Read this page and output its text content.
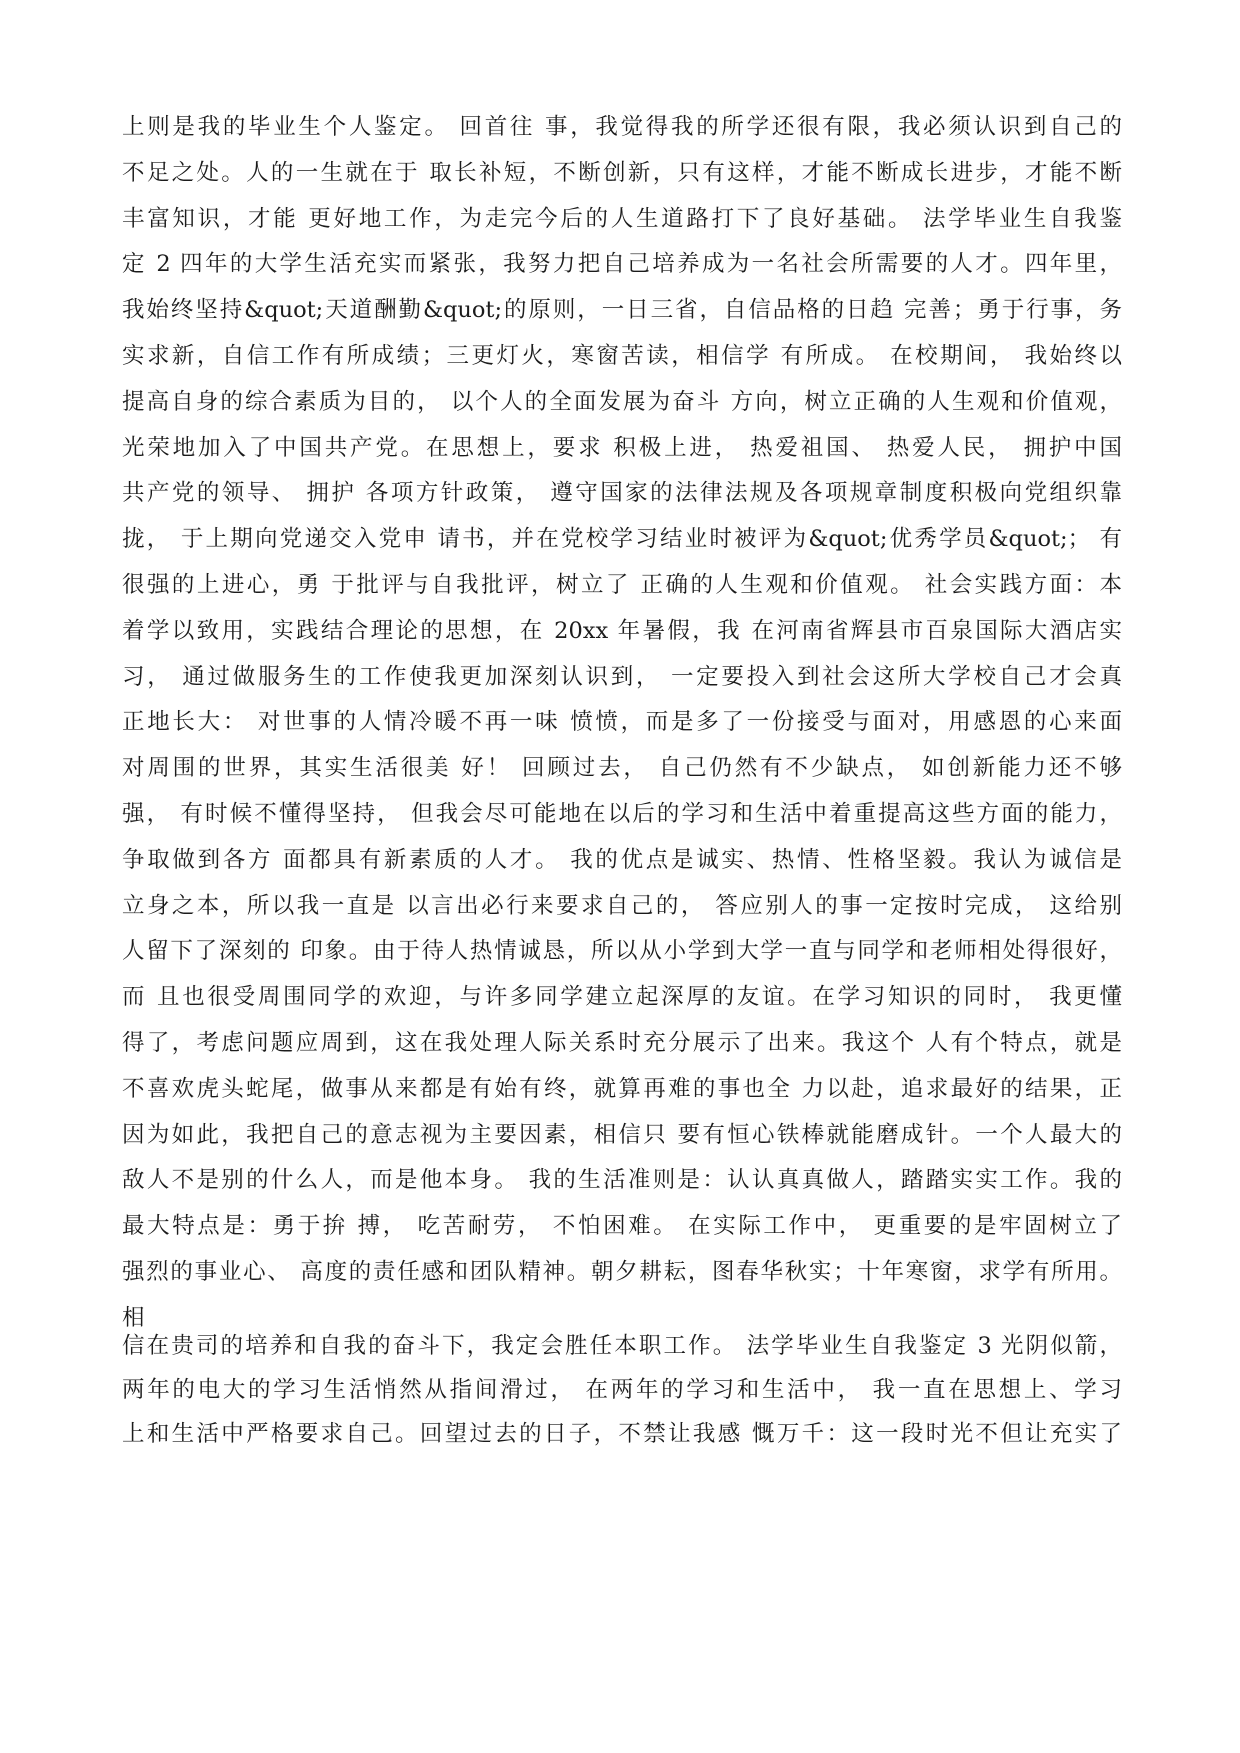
上则是我的毕业生个人鉴定。 回首往 事，我觉得我的所学还很有限，我必须认识到自己的
不足之处。人的一生就在于 取长补短，不断创新，只有这样，才能不断成长进步，才能不断
丰富知识，才能 更好地工作，为走完今后的人生道路打下了良好基础。 法学毕业生自我鉴
定 2 四年的大学生活充实而紧张，我努力把自己培养成为一名社会所需要的人才。四年里，
我始终坚持&quot;天道酬勤&quot;的原则，一日三省，自信品格的日趋 完善；勇于行事，务
实求新，自信工作有所成绩；三更灯火，寒窗苦读，相信学 有所成。 在校期间， 我始终以
提高自身的综合素质为目的， 以个人的全面发展为奋斗 方向，树立正确的人生观和价值观，
光荣地加入了中国共产党。在思想上，要求 积极上进， 热爱祖国、 热爱人民， 拥护中国
共产党的领导、 拥护 各项方针政策， 遵守国家的法律法规及各项规章制度积极向党组织靠
拢， 于上期向党递交入党申 请书，并在党校学习结业时被评为&quot;优秀学员&quot;； 有
很强的上进心，勇 于批评与自我批评，树立了 正确的人生观和价值观。 社会实践方面：本
着学以致用，实践结合理论的思想，在 20xx 年暑假，我 在河南省辉县市百泉国际大酒店实
习， 通过做服务生的工作使我更加深刻认识到， 一定要投入到社会这所大学校自己才会真
正地长大： 对世事的人情冷暖不再一味 愤愤，而是多了一份接受与面对，用感恩的心来面
对周围的世界，其实生活很美 好！ 回顾过去， 自己仍然有不少缺点， 如创新能力还不够
强， 有时候不懂得坚持， 但我会尽可能地在以后的学习和生活中着重提高这些方面的能力，
争取做到各方 面都具有新素质的人才。 我的优点是诚实、热情、性格坚毅。我认为诚信是
立身之本，所以我一直是 以言出必行来要求自己的， 答应别人的事一定按时完成， 这给别
人留下了深刻的 印象。由于待人热情诚恳，所以从小学到大学一直与同学和老师相处得很好，
而 且也很受周围同学的欢迎，与许多同学建立起深厚的友谊。在学习知识的同时， 我更懂
得了，考虑问题应周到，这在我处理人际关系时充分展示了出来。我这个 人有个特点，就是
不喜欢虎头蛇尾，做事从来都是有始有终，就算再难的事也全 力以赴，追求最好的结果，正
因为如此，我把自己的意志视为主要因素，相信只 要有恒心铁棒就能磨成针。一个人最大的
敌人不是别的什么人，而是他本身。 我的生活准则是：认认真真做人，踏踏实实工作。我的
最大特点是：勇于拚 搏， 吃苦耐劳， 不怕困难。 在实际工作中， 更重要的是牢固树立了
强烈的事业心、 高度的责任感和团队精神。朝夕耕耘，图春华秋实；十年寒窗，求学有所用。
相
信在贵司的培养和自我的奋斗下，我定会胜任本职工作。 法学毕业生自我鉴定 3 光阴似箭，
两年的电大的学习生活悄然从指间滑过， 在两年的学习和生活中， 我一直在思想上、学习
上和生活中严格要求自己。回望过去的日子，不禁让我感 慨万千：这一段时光不但让充实了
